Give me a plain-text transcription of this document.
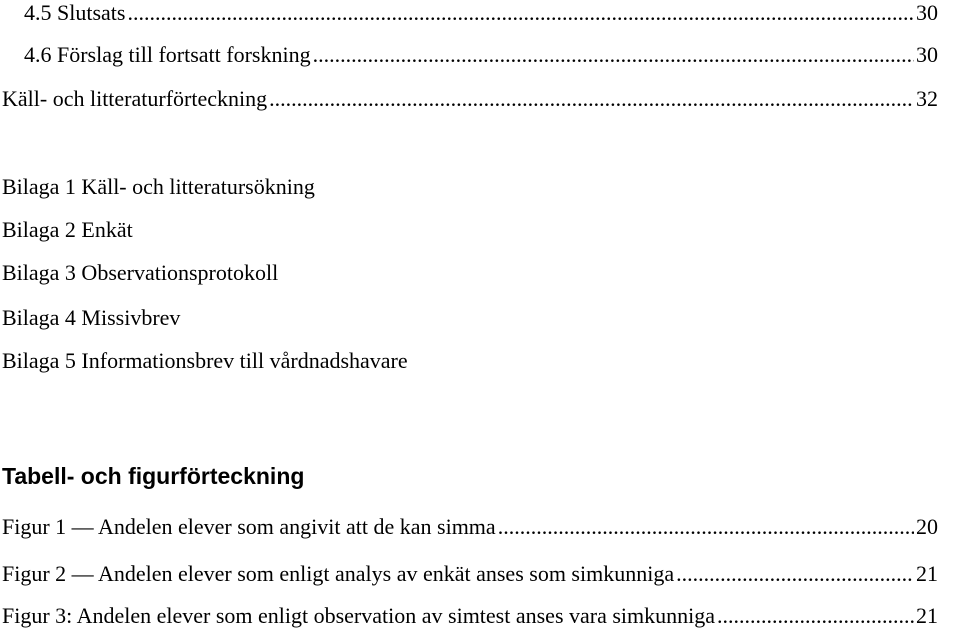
4.5 Slutsats .....	30
4.6 Förslag till fortsatt forskning .....	30
Käll- och litteraturförteckning .....	32
Bilaga 1 Käll- och litteratursökning
Bilaga 2 Enkät
Bilaga 3 Observationsprotokoll
Bilaga 4 Missivbrev
Bilaga 5 Informationsbrev till vårdnadshavare
Tabell- och figurförteckning
Figur 1 — Andelen elever som angivit att de kan simma .....	20
Figur 2 — Andelen elever som enligt analys av enkät anses som simkunniga .....	21
Figur 3: Andelen elever som enligt observation av simtest anses vara simkunniga .....	21
